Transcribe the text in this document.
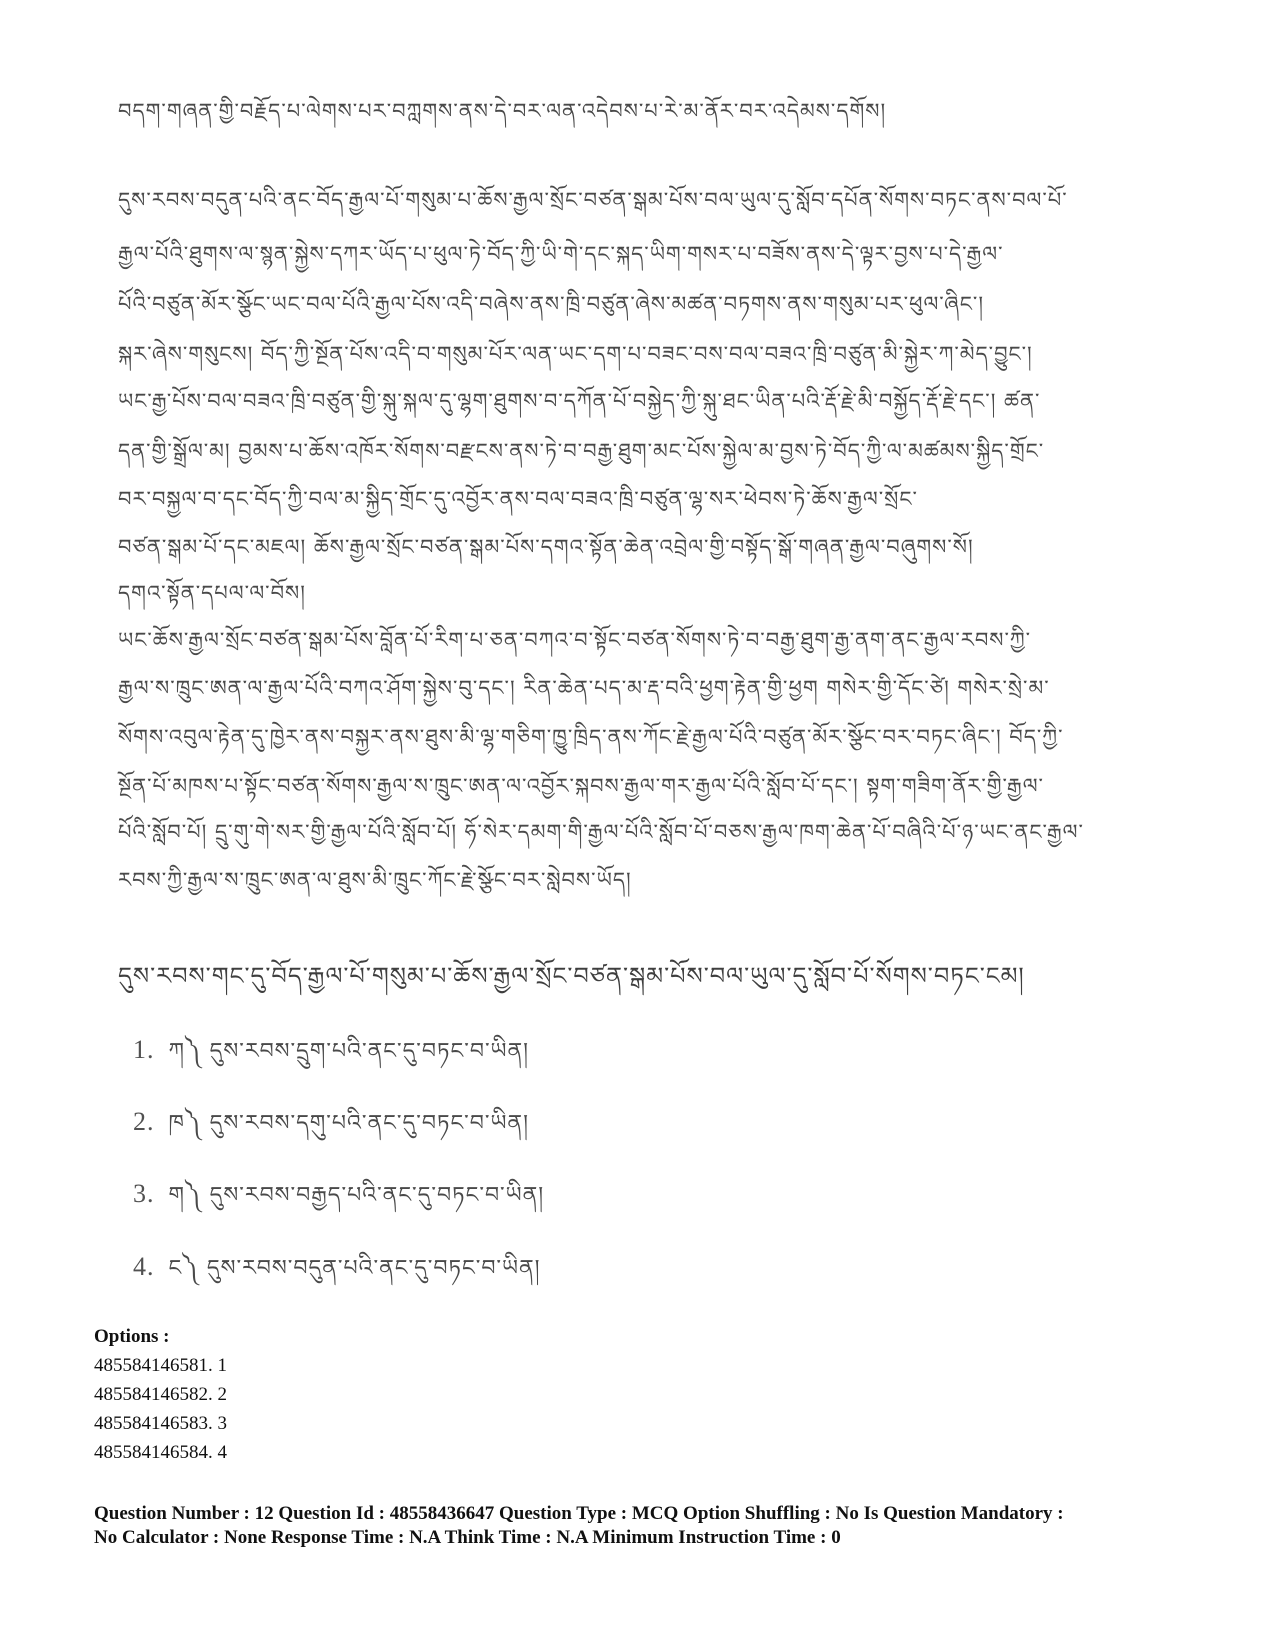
བདག་གཞན་གྱི་བརྗོད་པ་ལེགས་པར་བཀླགས་ནས་དེ་བར་ལན་འདེབས་པ་རེ་མ་ནོར་བར་འདེམས་དགོས།
དུས་རབས་བདུན་པའི་ནང་བོད་རྒྱལ་པོ་གསུམ་པ་ཆོས་རྒྱལ་སྲོང་བཙན་སྒམ་པོས་བལ་ཡུལ་དུ་སློབ་དཔོན་སོགས་བཏང་ནས་བལ་པོ་
རྒྱལ་པོའི་ཐུགས་ལ་སྙན་སྐྱེས་དཀར་ཡོད་པ་ཕུལ་ཏེ་བོད་ཀྱི་ཡི་གེ་དང་སྐད་ཡིག་གསར་པ་བཟོས་ནས་དེ་ལྟར་བྱས་པ་དེ་རྒྱལ་
པོའི་བཙུན་མོར་སྩོང་ཡང་བལ་པོའི་རྒྱལ་པོས་འདི་བཞེས་ནས་ཁྲི་བཙུན་ཞེས་མཚན་བཏགས་ནས་གསུམ་པར་ཕུལ་ཞིང་།
སྐར་ཞེས་གསུངས། བོད་ཀྱི་སྔོན་པོས་འདི་བ་གསུམ་པོར་ལན་ཡང་དག་པ་བཟང་བས་བལ་བཟའ་ཁྲི་བཙུན་མི་སྐྱེར་ཀ་མེད་བྱུང་།
ཡང་རྒྱ་པོས་བལ་བཟའ་ཁྲི་བཙུན་གྱི་སྐུ་སྐལ་དུ་ལྷག་ཐུགས་བ་དཀོན་པོ་བསྐྱེད་ཀྱི་སྐུ་ཐང་ཡིན་པའི་རྡོ་རྗེ་མི་བསྐྱོད་རྡོ་རྗེ་དང་། ཚན་
དན་གྱི་སྒྲོལ་མ། བྱམས་པ་ཆོས་འཁོར་སོགས་བརྫངས་ནས་ཏེ་བ་བརྒྱ་ཐུག་མང་པོས་སྐྱེལ་མ་བྱས་ཏེ་བོད་ཀྱི་ལ་མཚམས་སྐྱིད་གྲོང་
བར་བསྐྱལ་བ་དང་བོད་ཀྱི་བལ་མ་སྐྱིད་གྲོང་དུ་འབྱོར་ནས་བལ་བཟའ་ཁྲི་བཙུན་ལྷ་སར་ཕེབས་ཏེ་ཆོས་རྒྱལ་སྲོང་
བཙན་སྒམ་པོ་དང་མཇལ། ཆོས་རྒྱལ་སྲོང་བཙན་སྒམ་པོས་དགའ་སྟོན་ཆེན་འབྲེལ་གྱི་བསྟོད་སྒོ་གཞན་རྒྱལ་བཞུགས་སོ།
དགའ་སྟོན་དཔལ་ལ་བོས།
ཡང་ཆོས་རྒྱལ་སྲོང་བཙན་སྒམ་པོས་བློན་པོ་རིག་པ་ཅན་བཀའ་བ་སྟོང་བཙན་སོགས་ཏེ་བ་བརྒྱ་ཐུག་རྒྱ་ནག་ནང་རྒྱལ་རབས་ཀྱི་
རྒྱལ་ས་ཁྲུང་ཨན་ལ་རྒྱལ་པོའི་བཀའ་ཤོག་སྐྱེས་བུ་དང་། རིན་ཆེན་པད་མ་རྡ་བའི་ཕྱག་རྟེན་གྱི་ཕྱག གསེར་གྱི་དོང་ཙེ། གསེར་སྲེ་མ་
སོགས་འབུལ་རྟེན་དུ་ཁྱེར་ནས་བསྐྱར་ནས་ཐུས་མི་ལྷ་གཅིག་ཁྱུ་ཁྲིད་ནས་ཀོང་རྗེ་རྒྱལ་པོའི་བཙུན་མོར་སྩོང་བར་བཏང་ཞིང་། བོད་ཀྱི་
སྔོན་པོ་མཁས་པ་སྟོང་བཙན་སོགས་རྒྱལ་ས་ཁྲུང་ཨན་ལ་འབྱོར་སྐབས་རྒྱལ་གར་རྒྱལ་པོའི་སློབ་པོ་དང་། སྟག་གཟིག་ནོར་གྱི་རྒྱལ་
པོའི་སློབ་པོ། དྲུ་གུ་གེ་སར་གྱི་རྒྱལ་པོའི་སློབ་པོ། ཧོ་སེར་དམག་གི་རྒྱལ་པོའི་སློབ་པོ་བཅས་རྒྱལ་ཁག་ཆེན་པོ་བཞིའི་པོ་ཉ་ཡང་ནང་རྒྱལ་
རབས་ཀྱི་རྒྱལ་ས་ཁྲུང་ཨན་ལ་ཐུས་མི་ཁྲུང་ཀོང་རྗེ་སྩོང་བར་སླེབས་ཡོད།
དུས་རབས་གང་དུ་བོད་རྒྱལ་པོ་གསུམ་པ་ཆོས་རྒྱལ་སྲོང་བཙན་སྒམ་པོས་བལ་ཡུལ་དུ་སློབ་པོ་སོགས་བཏང་ངམ།
1. ཀ༽ དུས་རབས་དྲུག་པའི་ནང་དུ་བཏང་བ་ཡིན།
2. ཁ༽ དུས་རབས་དགུ་པའི་ནང་དུ་བཏང་བ་ཡིན།
3. ག༽ དུས་རབས་བརྒྱད་པའི་ནང་དུ་བཏང་བ་ཡིན།
4. ང༽ དུས་རབས་བདུན་པའི་ནང་དུ་བཏང་བ་ཡིན།
Options :
485584146581. 1
485584146582. 2
485584146583. 3
485584146584. 4
Question Number : 12 Question Id : 48558436647 Question Type : MCQ Option Shuffling : No Is Question Mandatory :
No Calculator : None Response Time : N.A Think Time : N.A Minimum Instruction Time : 0
